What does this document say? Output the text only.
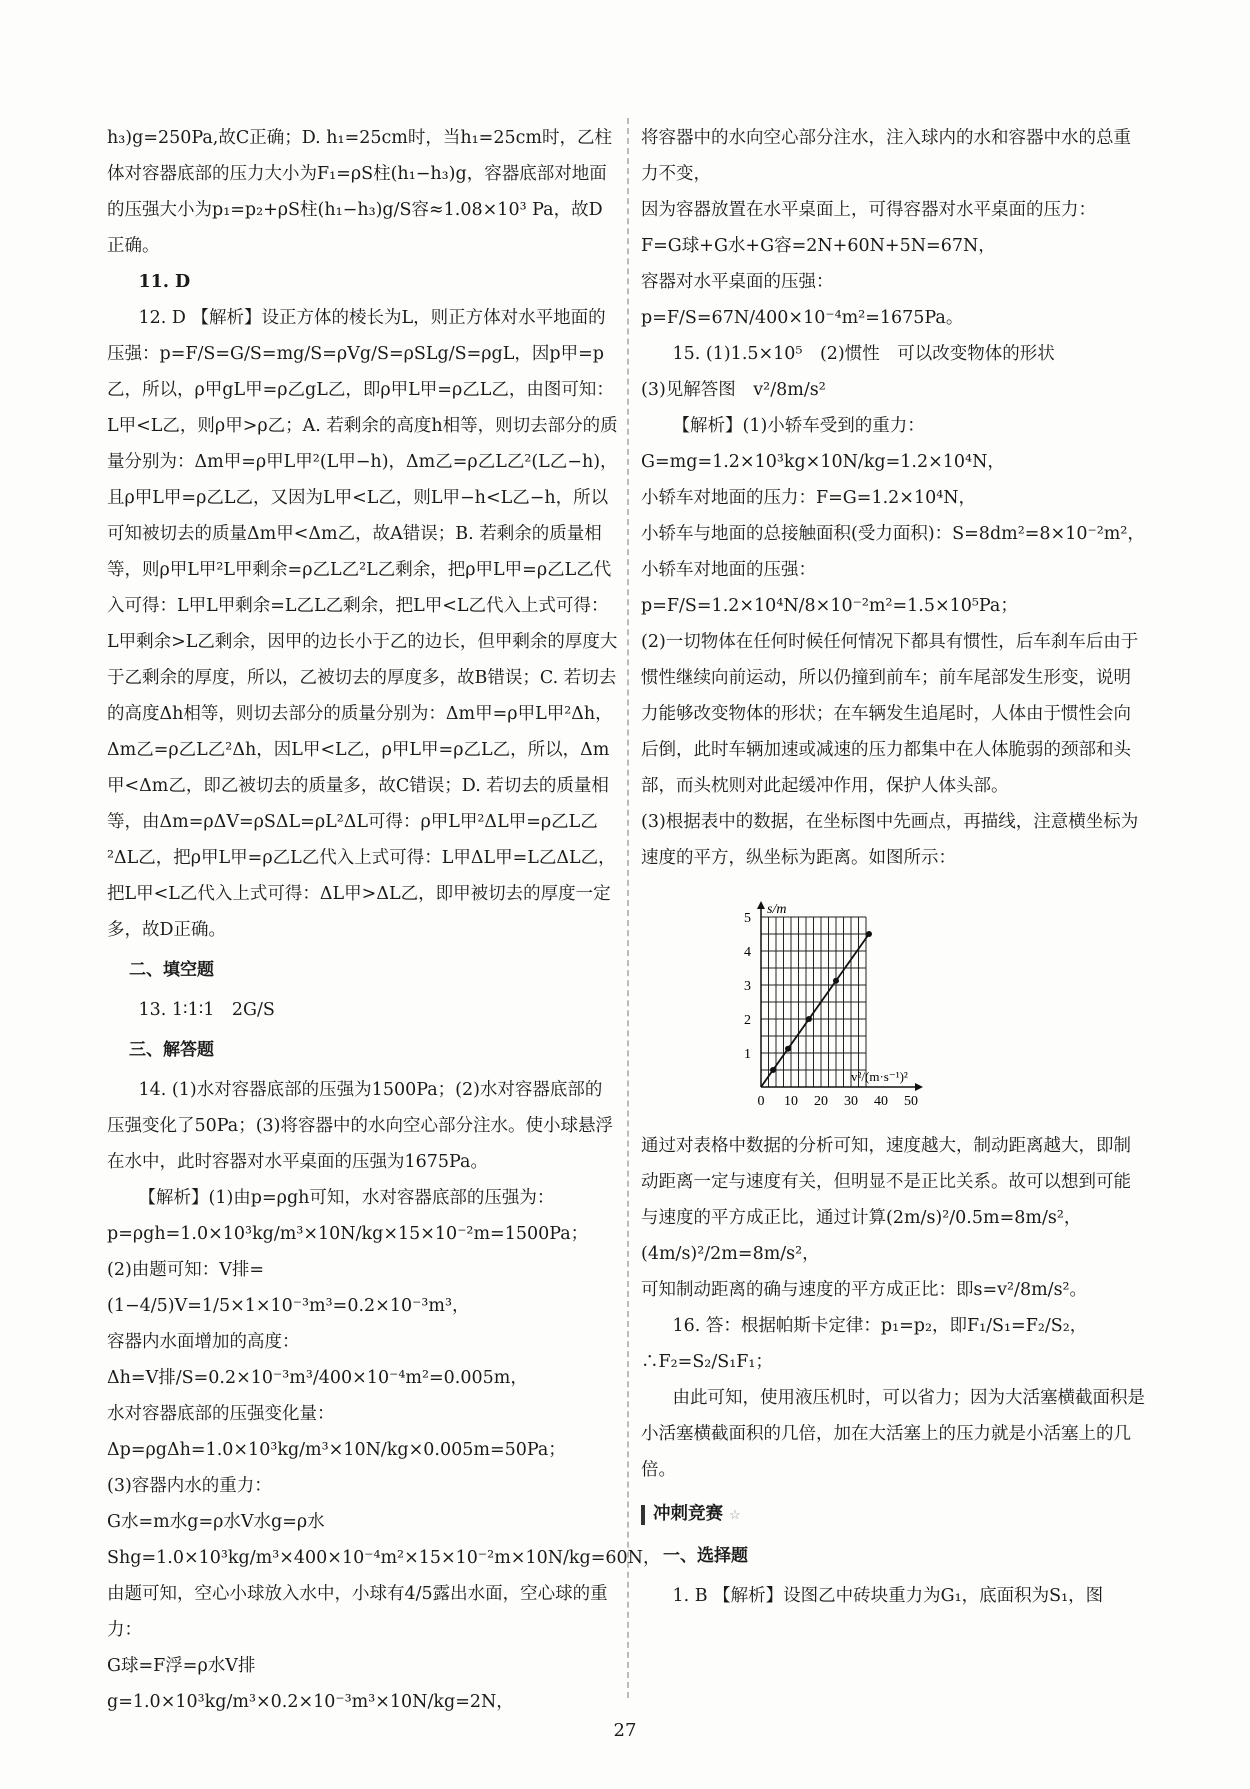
h₃)g=250Pa,故C正确；D. h₁=25cm时，当h₁=25cm时，乙柱体对容器底部的压力大小为F₁=ρS柱(h₁−h₃)g，容器底部对地面的压强大小为p₁=p₂+ρS柱(h₁−h₃)g/S容≈1.08×10³ Pa，故D正确。

11. D

12. D 【解析】设正方体的棱长为L，则正方体对水平地面的压强：p=F/S=G/S=mg/S=ρVg/S=ρSLg/S=ρgL，因p甲=p乙，所以，ρ甲gL甲=ρ乙gL乙，即ρ甲L甲=ρ乙L乙，由图可知：L甲<L乙，则ρ甲>ρ乙；A. 若剩余的高度h相等，则切去部分的质量分别为：Δm甲=ρ甲L甲²(L甲−h)，Δm乙=ρ乙L乙²(L乙−h)，且ρ甲L甲=ρ乙L乙，又因为L甲<L乙，则L甲−h<L乙−h，所以可知被切去的质量Δm甲<Δm乙，故A错误；B. 若剩余的质量相等，则ρ甲L甲²L甲剩余=ρ乙L乙²L乙剩余，把ρ甲L甲=ρ乙L乙代入可得：L甲L甲剩余=L乙L乙剩余，把L甲<L乙代入上式可得：L甲剩余>L乙剩余，因甲的边长小于乙的边长，但甲剩余的厚度大于乙剩余的厚度，所以，乙被切去的厚度多，故B错误；C. 若切去的高度Δh相等，则切去部分的质量分别为：Δm甲=ρ甲L甲²Δh，Δm乙=ρ乙L乙²Δh，因L甲<L乙，ρ甲L甲=ρ乙L乙，所以，Δm甲<Δm乙，即乙被切去的质量多，故C错误；D. 若切去的质量相等，由Δm=ρΔV=ρSΔL=ρL²ΔL可得：ρ甲L甲²ΔL甲=ρ乙L乙²ΔL乙，把ρ甲L甲=ρ乙L乙代入上式可得：L甲ΔL甲=L乙ΔL乙，把L甲<L乙代入上式可得：ΔL甲>ΔL乙，即甲被切去的厚度一定多，故D正确。

二、填空题

13. 1∶1∶1　2G/S

三、解答题

14. (1)水对容器底部的压强为1500Pa；(2)水对容器底部的压强变化了50Pa；(3)将容器中的水向空心部分注水。使小球悬浮在水中，此时容器对水平桌面的压强为1675Pa。

【解析】(1)由p=ρgh可知，水对容器底部的压强为：

p=ρgh=1.0×10³kg/m³×10N/kg×15×10⁻²m=1500Pa；

(2)由题可知：V排=(1−4/5)V=1/5×1×10⁻³m³=0.2×10⁻³m³，

容器内水面增加的高度：

Δh=V排/S=0.2×10⁻³m³/400×10⁻⁴m²=0.005m，

水对容器底部的压强变化量：

Δp=ρgΔh=1.0×10³kg/m³×10N/kg×0.005m=50Pa；

(3)容器内水的重力：

G水=m水g=ρ水V水g=ρ水Shg=1.0×10³kg/m³×400×10⁻⁴m²×15×10⁻²m×10N/kg=60N，

由题可知，空心小球放入水中，小球有4/5露出水面，空心球的重力：

G球=F浮=ρ水V排g=1.0×10³kg/m³×0.2×10⁻³m³×10N/kg=2N，

将容器中的水向空心部分注水，注入球内的水和容器中水的总重力不变，

因为容器放置在水平桌面上，可得容器对水平桌面的压力：

F=G球+G水+G容=2N+60N+5N=67N，

容器对水平桌面的压强：

p=F/S=67N/400×10⁻⁴m²=1675Pa。

15. (1)1.5×10⁵　(2)惯性　可以改变物体的形状

(3)见解答图　v²/8m/s²

【解析】(1)小轿车受到的重力：G=mg=1.2×10³kg×10N/kg=1.2×10⁴N，

小轿车对地面的压力：F=G=1.2×10⁴N，

小轿车与地面的总接触面积(受力面积)：S=8dm²=8×10⁻²m²，

小轿车对地面的压强：p=F/S=1.2×10⁴N/8×10⁻²m²=1.5×10⁵Pa；

(2)一切物体在任何时候任何情况下都具有惯性，后车刹车后由于惯性继续向前运动，所以仍撞到前车；前车尾部发生形变，说明力能够改变物体的形状；在车辆发生追尾时，人体由于惯性会向后倒，此时车辆加速或减速的压力都集中在人体脆弱的颈部和头部，而头枕则对此起缓冲作用，保护人体头部。

(3)根据表中的数据，在坐标图中先画点，再描线，注意横坐标为速度的平方，纵坐标为距离。如图所示：

0 10 20 30 40 50
1
2
3
4
5
s/m
v²/(m·s⁻¹)²

通过对表格中数据的分析可知，速度越大，制动距离越大，即制动距离一定与速度有关，但明显不是正比关系。故可以想到可能与速度的平方成正比，通过计算(2m/s)²/0.5m=8m/s²，

(4m/s)²/2m=8m/s²，

可知制动距离的确与速度的平方成正比：即s=v²/8m/s²。

16. 答：根据帕斯卡定律：p₁=p₂，即F₁/S₁=F₂/S₂，∴F₂=S₂/S₁F₁；

由此可知，使用液压机时，可以省力；因为大活塞横截面积是小活塞横截面积的几倍，加在大活塞上的压力就是小活塞上的几倍。

冲刺竞赛 ☆
一、选择题

1. B 【解析】设图乙中砖块重力为G₁，底面积为S₁，图

27
